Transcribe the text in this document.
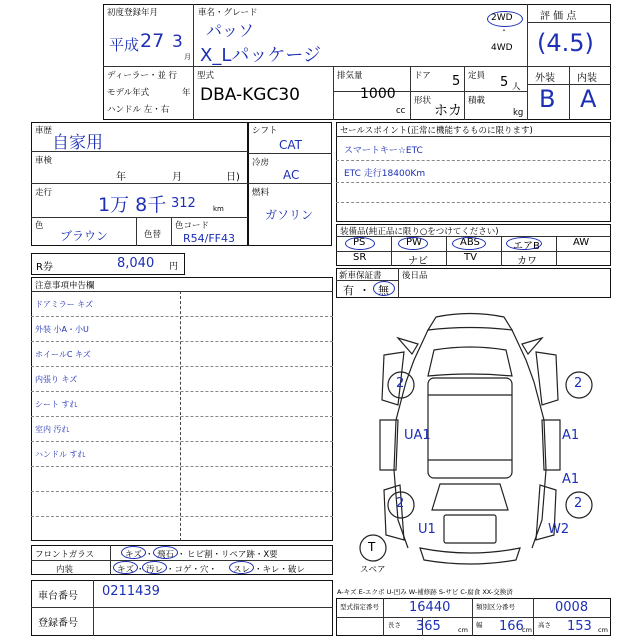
初度登録年月
平成 27 3
月
車名・グレード
パッソ
X_Lパッケージ
2WD
・
4WD
評 価 点
(4.5)
ディーラー・並 行
モデル年式	年
ハンドル 左・右
型式
DBA-KGC30
排気量
1000
cc
ドア 5
形状
ホカ
定員 5 人
積載
kg
外装 内装
B A
車歴
自家用
車検
年	月	日)
走行
1万 8千 312 km
色
ブラウン	色替
色コード
R54/FF43
シフト
CAT
冷房
AC
燃料
ガソリン
セールスポイント(正常に機能するものに限ります)
スマートキー☆ETC
ETC 走行18400Km
装備品(純正品に限り○をつけてください)
PS	PW	ABS	エアB	AW
SR	ナビ	TV	カワ
新車保証書 後日品
有 ・ 無
R券	8,040 円
注意事項申告欄
ドアミラー キズ
外装 小A・小U
ホイールC キズ
内張り キズ
シート すれ
室内 汚れ
ハンドル すれ
2	2
UA1	A1
A1
2	2
U1	W2
T
スペア
フロントガラス	キズ ・ 飛石 ・ ヒビ割・リペア跡・X要
内装	キズ ・ 汚レ ・コゲ・穴・ スレ ・キレ・破レ
A-キズ E-エクボ U-凹み W-補修跡 S-サビ C-腐食 XX-交換済
車台番号 0211439
登録番号
型式指定番号 16440	類別区分番号	0008
長さ 365	cm
幅 166
cm
高さ 153 cm
